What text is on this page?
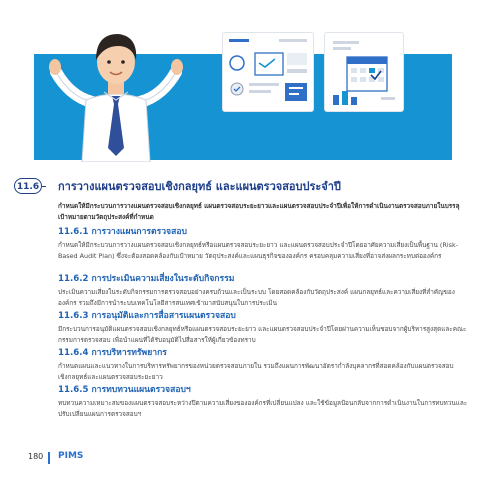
11.6 การวางแผนตรวจสอบเชิงกลยุทธ์ และแผนตรวจสอบประจำปี

กำหนดให้มีกระบวนการวางแผนตรวจสอบเชิงกลยุทธ์ แผนตรวจสอบระยะยาวและแผนตรวจสอบประจำปีเพื่อให้การดำเนินงานตรวจสอบภายในบรรลุเป้าหมายตามวัตถุประสงค์ที่กำหนด

11.6.1 การวางแผนการตรวจสอบ

กำหนดให้มีกระบวนการวางแผนตรวจสอบเชิงกลยุทธ์หรือแผนตรวจสอบระยะยาว และแผนตรวจสอบประจำปีโดยอาศัยความเสี่ยงเป็นพื้นฐาน (Risk-Based Audit Plan) ซึ่งจะต้องสอดคล้องกับเป้าหมาย วัตถุประสงค์และแผนธุรกิจขององค์กร ครอบคลุมความเสี่ยงที่อาจส่งผลกระทบต่อองค์กร

11.6.2 การประเมินความเสี่ยงในระดับกิจกรรม

ประเมินความเสี่ยงในระดับกิจกรรมการตรวจสอบอย่างครบถ้วนและเป็นระบบ โดยสอดคล้องกับวัตถุประสงค์ แผนกลยุทธ์และความเสี่ยงที่สำคัญขององค์กร รวมถึงมีการนำระบบเทคโนโลยีสารสนเทศเข้ามาสนับสนุนในการประเมิน

11.6.3 การอนุมัติและการสื่อสารแผนตรวจสอบ

มีกระบวนการอนุมัติแผนตรวจสอบเชิงกลยุทธ์หรือแผนตรวจสอบระยะยาว และแผนตรวจสอบประจำปีโดยผ่านความเห็นชอบจากผู้บริหารสูงสุดและคณะกรรมการตรวจสอบ เพื่อนำแผนที่ได้รับอนุมัติไปสื่อสารให้ผู้เกี่ยวข้องทราบ

11.6.4 การบริหารทรัพยากร

กำหนดแผนและแนวทางในการบริหารทรัพยากรของหน่วยตรวจสอบภายใน รวมถึงแผนการพัฒนาอัตรากำลังบุคลากรที่สอดคล้องกับแผนตรวจสอบเชิงกลยุทธ์และแผนตรวจสอบระยะยาว

11.6.5 การทบทวนแผนตรวจสอบฯ

ทบทวนความเหมาะสมของแผนตรวจสอบระหว่างปีตามความเสี่ยงขององค์กรที่เปลี่ยนแปลง และใช้ข้อมูลป้อนกลับจากการดำเนินงานในการทบทวนและปรับเปลี่ยนแผนการตรวจสอบฯ

180 PIMS
